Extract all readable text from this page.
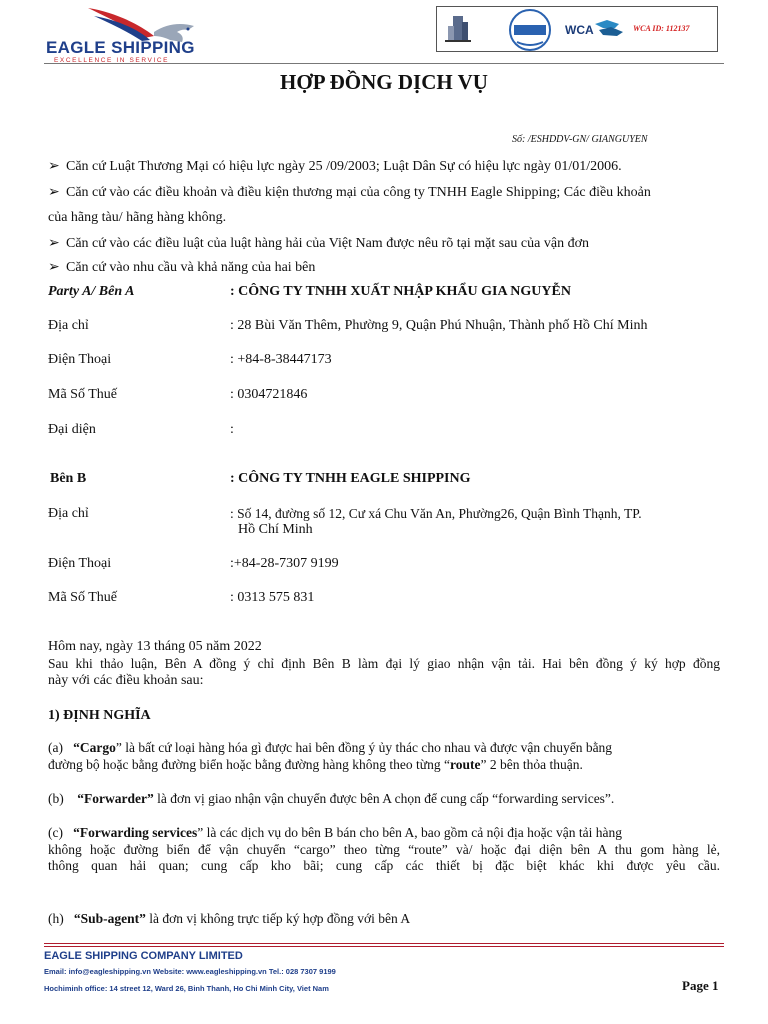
EAGLE SHIPPING
EXCELLENCE IN SERVICE
WCA	WCA ID: 112137
HỢP ĐỒNG DỊCH VỤ
Số: /ESHDDV-GN/ GIANGUYEN
➢ Căn cứ Luật Thương Mại có hiệu lực ngày 25 /09/2003; Luật Dân Sự có hiệu lực ngày 01/01/2006.
➢ Căn cứ vào các điều khoản và điều kiện thương mại của công ty TNHH Eagle Shipping; Các điều khoản
của hãng tàu/ hãng hàng không.
➢ Căn cứ vào các điều luật của luật hàng hải của Việt Nam được nêu rõ tại mặt sau của vận đơn
➢ Căn cứ vào nhu cầu và khả năng của hai bên
Party A/ Bên A	: CÔNG TY TNHH XUẤT NHẬP KHẨU GIA NGUYỄN
Địa chỉ	: 28 Bùi Văn Thêm, Phường 9, Quận Phú Nhuận, Thành phố Hồ Chí Minh
Điện Thoại	: +84-8-38447173
Mã Số Thuế	: 0304721846
Đại diện	:
Bên B	: CÔNG TY TNHH EAGLE SHIPPING
Địa chỉ	: Số 14, đường số 12, Cư xá Chu Văn An, Phường26, Quận Bình Thạnh, TP.
Hồ Chí Minh
Điện Thoại	:+84-28-7307 9199
Mã Số Thuế	: 0313 575 831
Hôm nay, ngày 13 tháng 05 năm 2022
Sau khi thảo luận, Bên A đồng ý chỉ định Bên B làm đại lý giao nhận vận tải. Hai bên đồng ý ký hợp đồng
này với các điều khoản sau:
1) ĐỊNH NGHĨA
(a) “Cargo” là bất cứ loại hàng hóa gì được hai bên đồng ý ủy thác cho nhau và được vận chuyển bằng
đường bộ hoặc bằng đường biển hoặc bằng đường hàng không theo từng “route” 2 bên thỏa thuận.
(b) “Forwarder” là đơn vị giao nhận vận chuyển được bên A chọn để cung cấp “forwarding services”.
(c) “Forwarding services” là các dịch vụ do bên B bán cho bên A, bao gồm cả nội địa hoặc vận tải hàng
không hoặc đường biển để vận chuyển “cargo” theo từng “route” và/ hoặc đại diện bên A thu gom hàng lẻ,
thông quan hải quan; cung cấp kho bãi; cung cấp các thiết bị đặc biệt khác khi được yêu cầu.
(h) “Sub-agent” là đơn vị không trực tiếp ký hợp đồng với bên A
EAGLE SHIPPING COMPANY LIMITED
Email: info@eagleshipping.vn Website: www.eagleshipping.vn Tel.: 028 7307 9199
Hochiminh office: 14 street 12, Ward 26, Binh Thanh, Ho Chi Minh City, Viet Nam	Page 1
